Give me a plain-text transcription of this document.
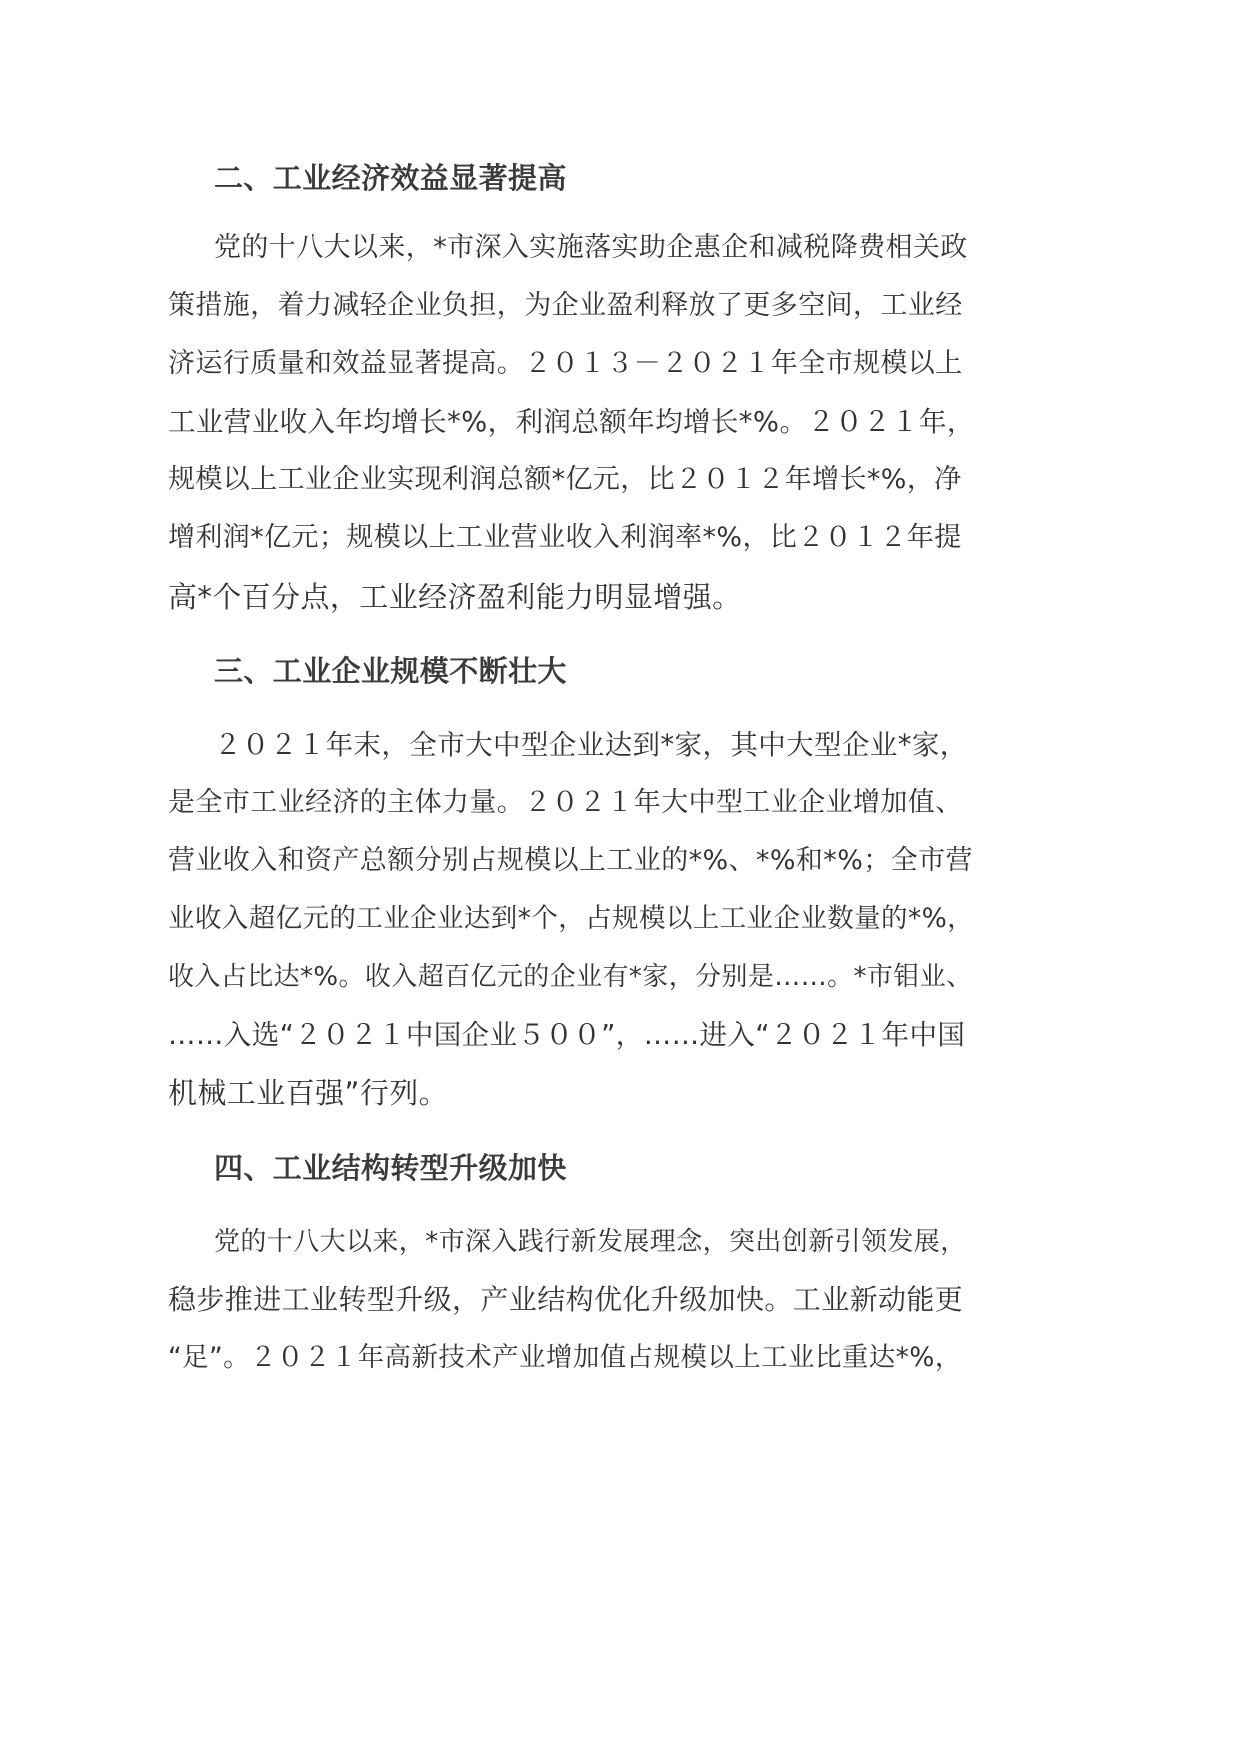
二、工业经济效益显著提高
党的十八大以来，*市深入实施落实助企惠企和减税降费相关政
策措施，着力减轻企业负担，为企业盈利释放了更多空间，工业经
济运行质量和效益显著提高。２０１３－２０２１年全市规模以上
工业营业收入年均增长*%，利润总额年均增长*%。２０２１年，
规模以上工业企业实现利润总额*亿元，比２０１２年增长*%，净
增利润*亿元；规模以上工业营业收入利润率*%，比２０１２年提
高*个百分点，工业经济盈利能力明显增强。
三、工业企业规模不断壮大
２０２１年末，全市大中型企业达到*家，其中大型企业*家，
是全市工业经济的主体力量。２０２１年大中型工业企业增加值、
营业收入和资产总额分别占规模以上工业的*%、*%和*%；全市营
业收入超亿元的工业企业达到*个，占规模以上工业企业数量的*%，
收入占比达*%。收入超百亿元的企业有*家，分别是……。*市钼业、
……入选“２０２１中国企业５００”，……进入“２０２１年中国
机械工业百强”行列。
四、工业结构转型升级加快
党的十八大以来，*市深入践行新发展理念，突出创新引领发展，
稳步推进工业转型升级，产业结构优化升级加快。工业新动能更
“足”。２０２１年高新技术产业增加值占规模以上工业比重达*%，
